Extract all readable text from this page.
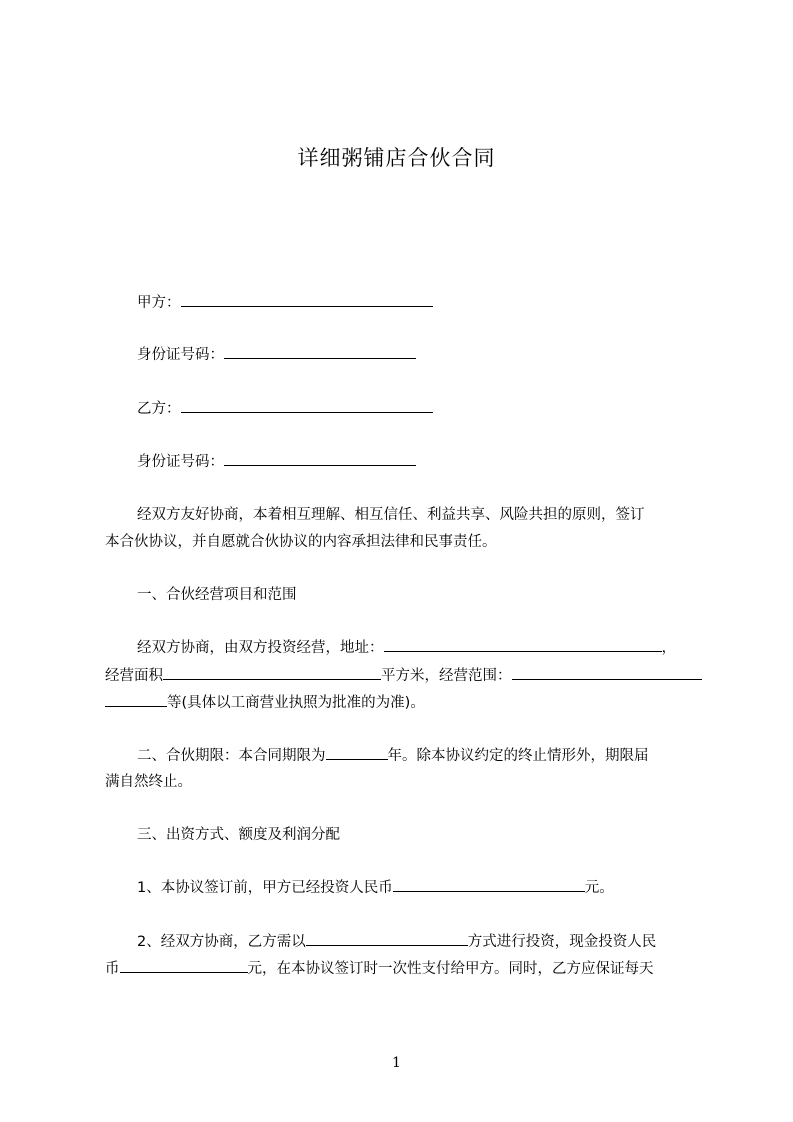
详细粥铺店合伙合同
甲方：
身份证号码：
乙方：
身份证号码：
经双方友好协商，本着相互理解、相互信任、利益共享、风险共担的原则，签订
本合伙协议，并自愿就合伙协议的内容承担法律和民事责任。
一、合伙经营项目和范围
经双方协商，由双方投资经营，地址：	，
经营面积	平方米，经营范围：
等(具体以工商营业执照为批准的为准)。
二、合伙期限：本合同期限为	年。除本协议约定的终止情形外，期限届
满自然终止。
三、出资方式、额度及利润分配
1、本协议签订前，甲方已经投资人民币	元。
2、经双方协商，乙方需以	方式进行投资，现金投资人民
币	元，在本协议签订时一次性支付给甲方。同时，乙方应保证每天
1
